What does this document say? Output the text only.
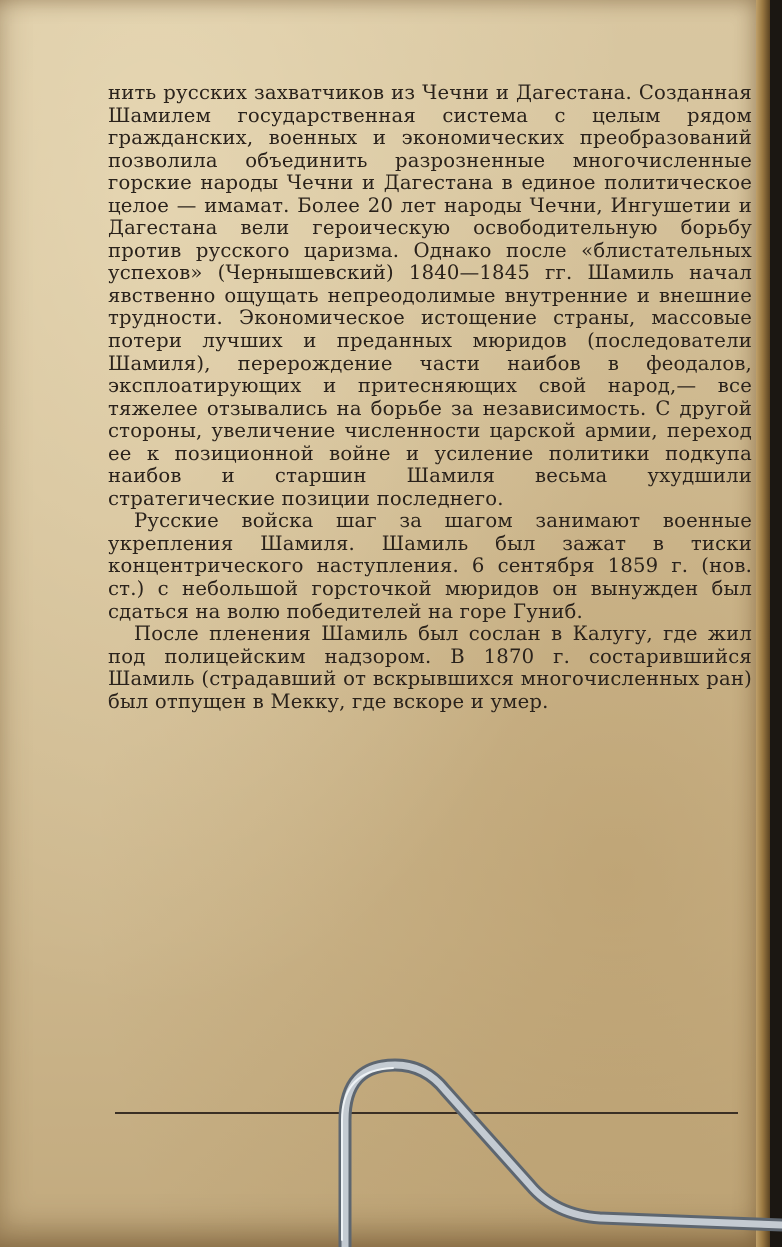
нить русских захватчиков из Чечни и Дагестана. Созданная Шамилем государственная система с целым рядом гражданских, военных и экономических преобразований позволила объединить разрозненные многочисленные горские народы Чечни и Дагестана в единое политическое целое — имамат. Более 20 лет народы Чечни, Ингушетии и Дагестана вели героическую освободительную борьбу против русского царизма. Однако после «блистательных успехов» (Чернышевский) 1840—1845 гг. Шамиль начал явственно ощущать непреодолимые внутренние и внешние трудности. Экономическое истощение страны, массовые потери лучших и преданных мюридов (последователи Шамиля), перерождение части наибов в феодалов, эксплоатирующих и притесняющих свой народ,— все тяжелее отзывались на борьбе за независимость. С другой стороны, увеличение численности царской армии, переход ее к позиционной войне и усиление политики подкупа наибов и старшин Шамиля весьма ухудшили стратегические позиции последнего.

Русские войска шаг за шагом занимают военные укрепления Шамиля. Шамиль был зажат в тиски концентрического наступления. 6 сентября 1859 г. (нов. ст.) с небольшой горсточкой мюридов он вынужден был сдаться на волю победителей на горе Гуниб.

После пленения Шамиль был сослан в Калугу, где жил под полицейским надзором. В 1870 г. состарившийся Шамиль (страдавший от вскрывшихся многочисленных ран) был отпущен в Мекку, где вскоре и умер.
